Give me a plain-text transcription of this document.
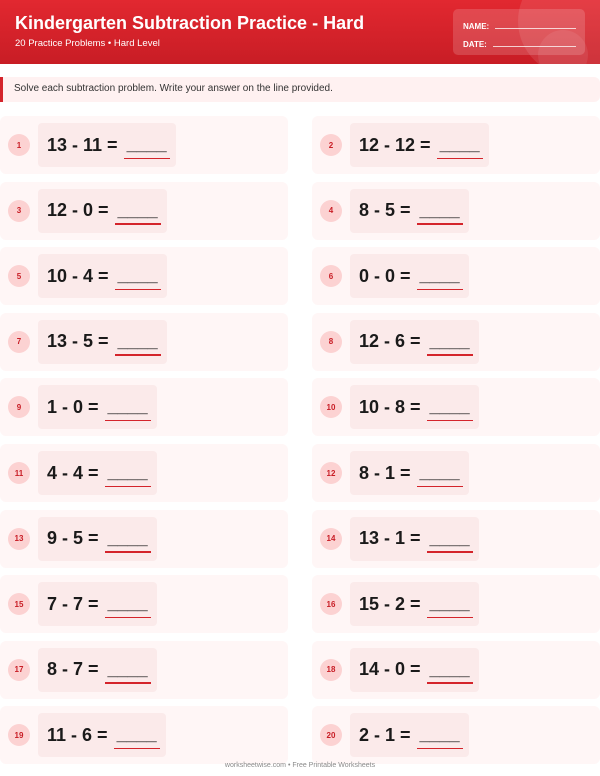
Kindergarten Subtraction Practice - Hard
20 Practice Problems • Hard Level
NAME:
DATE:
Solve each subtraction problem. Write your answer on the line provided.
1	13 - 11 = ____	2	12 - 12 = ____
3	12 - 0 = ____	4	8 - 5 = ____
5	10 - 4 = ____	6	0 - 0 = ____
7	13 - 5 = ____	8	12 - 6 = ____
9	1 - 0 = ____	10	10 - 8 = ____
11	4 - 4 = ____	12	8 - 1 = ____
13	9 - 5 = ____	14	13 - 1 = ____
15	7 - 7 = ____	16	15 - 2 = ____
17	8 - 7 = ____	18	14 - 0 = ____
19	11 - 6 = ____	20	2 - 1 = ____
worksheetwise.com • Free Printable Worksheets
